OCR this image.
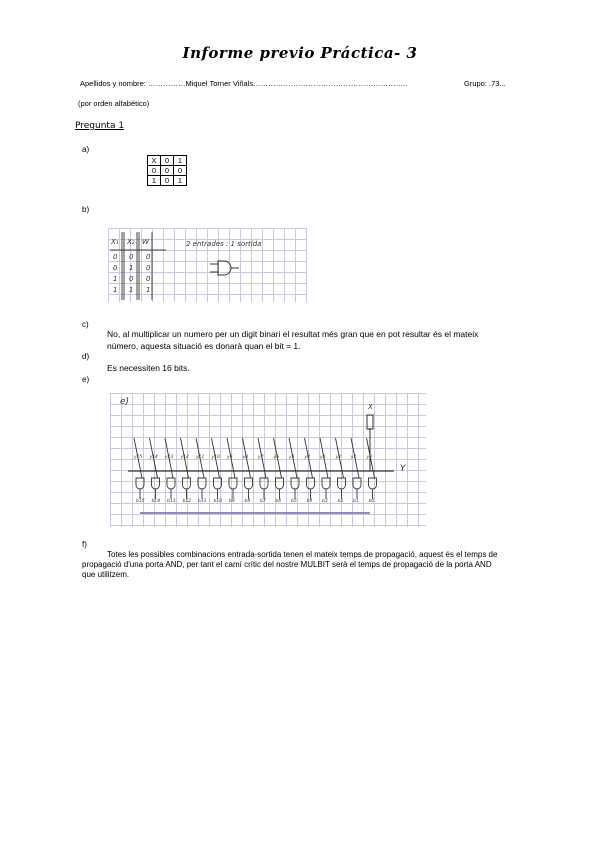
Informe previo Práctica- 3
Apellidos y nombre: ……………Miquel Torner Viñals……………………………………………………..	Grupo: .73...
(por orden alfabético)
Pregunta 1
a)
X	0	1
0	0	0
1	0	1
b)
X₁ X₂ W
0 0 0
0 1 0
1 0 0
1 1 1
2 entrades : 1 sortida
c)
No, al multiplicar un numero per un digit binari el resultat més gran que en pot resultar és el mateix
número, aquesta situació es donarà quan el bit = 1.
d)
Es necessiten 16 bits.
e)
e)	X
Y
y15
b15
y14
b14
y13
b13
y12
b12
y11
b11
y10
b10
y9
b9
y8
b8
y7
b7
y6
b6
y5
b5
y4
b4
y3
b3
y2
b2
y1
b1
y0
b0
f)
Totes les possibles combinacions entrada-sortida tenen el mateix temps de propagació, aquest és el temps de
propagació d'una porta AND, per tant el camí crític del nostre MULBIT serà el temps de propagació de la porta AND
que utilitzem.
